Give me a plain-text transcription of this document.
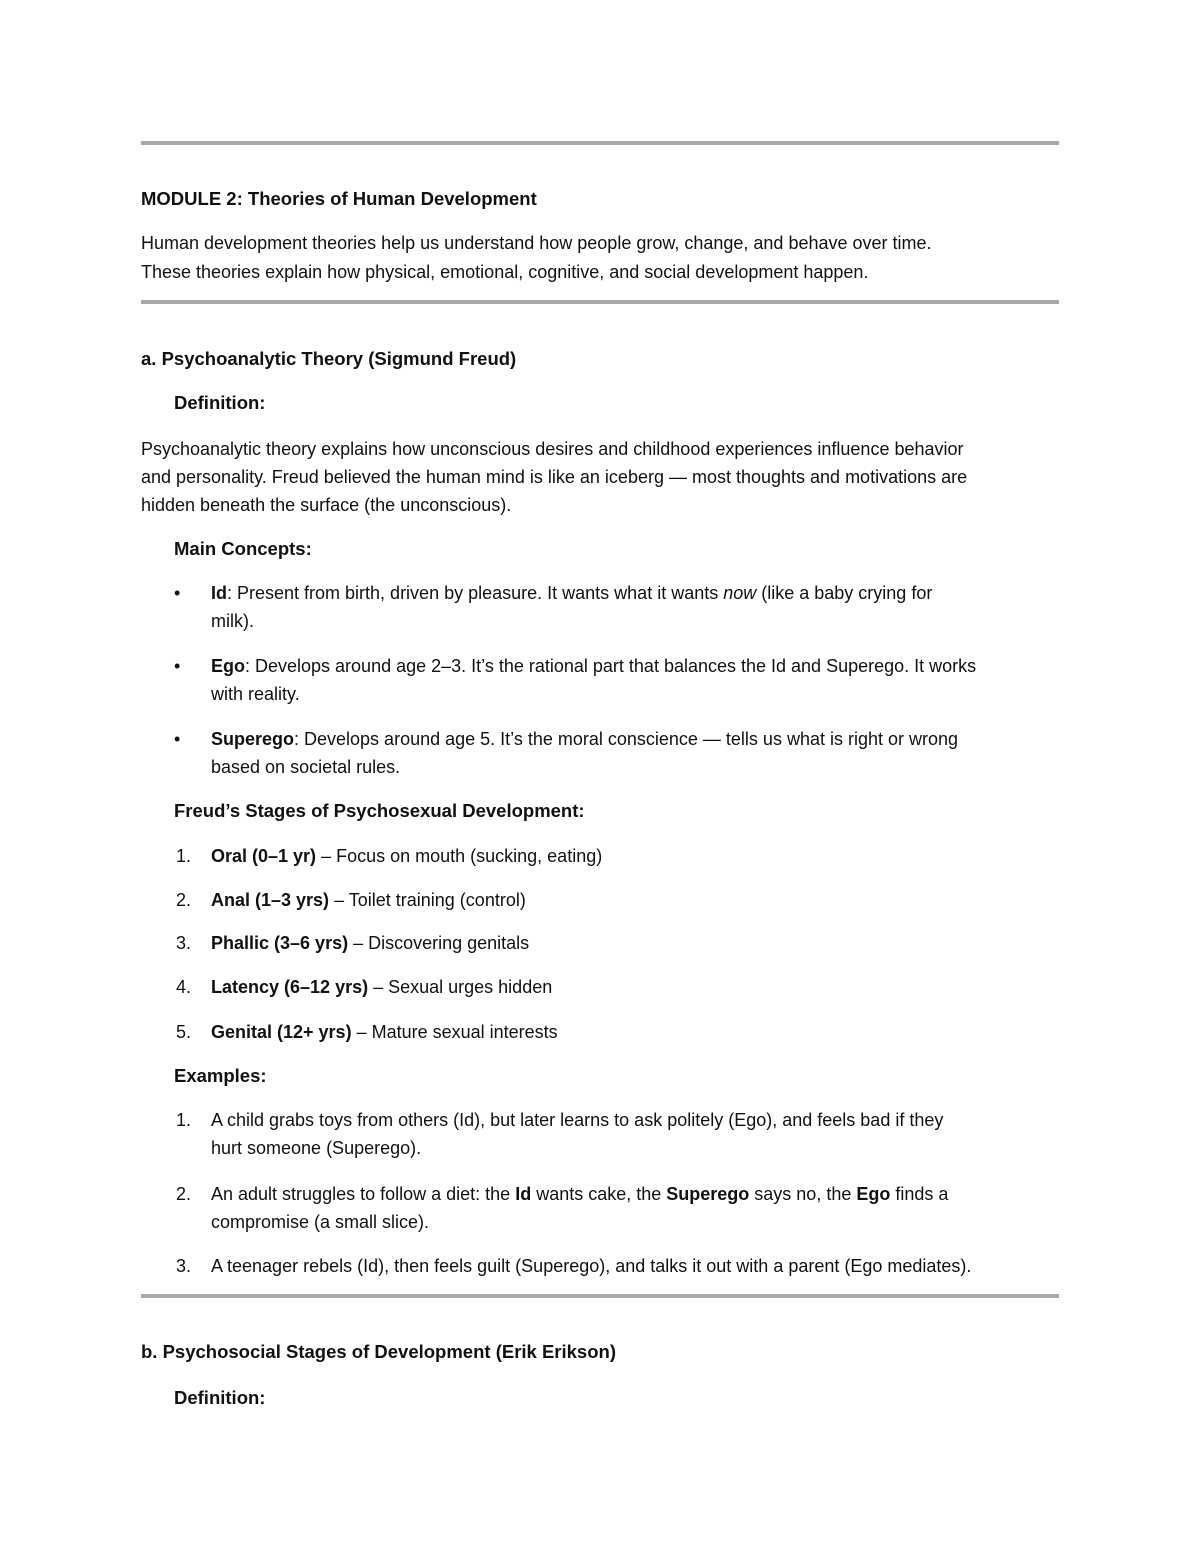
MODULE 2: Theories of Human Development
Human development theories help us understand how people grow, change, and behave over time.
These theories explain how physical, emotional, cognitive, and social development happen.
a. Psychoanalytic Theory (Sigmund Freud)
Definition:
Psychoanalytic theory explains how unconscious desires and childhood experiences influence behavior
and personality. Freud believed the human mind is like an iceberg — most thoughts and motivations are
hidden beneath the surface (the unconscious).
Main Concepts:
• Id: Present from birth, driven by pleasure. It wants what it wants now (like a baby crying for
milk).
• Ego: Develops around age 2–3. It’s the rational part that balances the Id and Superego. It works
with reality.
• Superego: Develops around age 5. It’s the moral conscience — tells us what is right or wrong
based on societal rules.
Freud’s Stages of Psychosexual Development:
1. Oral (0–1 yr) – Focus on mouth (sucking, eating)
2. Anal (1–3 yrs) – Toilet training (control)
3. Phallic (3–6 yrs) – Discovering genitals
4. Latency (6–12 yrs) – Sexual urges hidden
5. Genital (12+ yrs) – Mature sexual interests
Examples:
1. A child grabs toys from others (Id), but later learns to ask politely (Ego), and feels bad if they
hurt someone (Superego).
2. An adult struggles to follow a diet: the Id wants cake, the Superego says no, the Ego finds a
compromise (a small slice).
3. A teenager rebels (Id), then feels guilt (Superego), and talks it out with a parent (Ego mediates).
b. Psychosocial Stages of Development (Erik Erikson)
Definition:
